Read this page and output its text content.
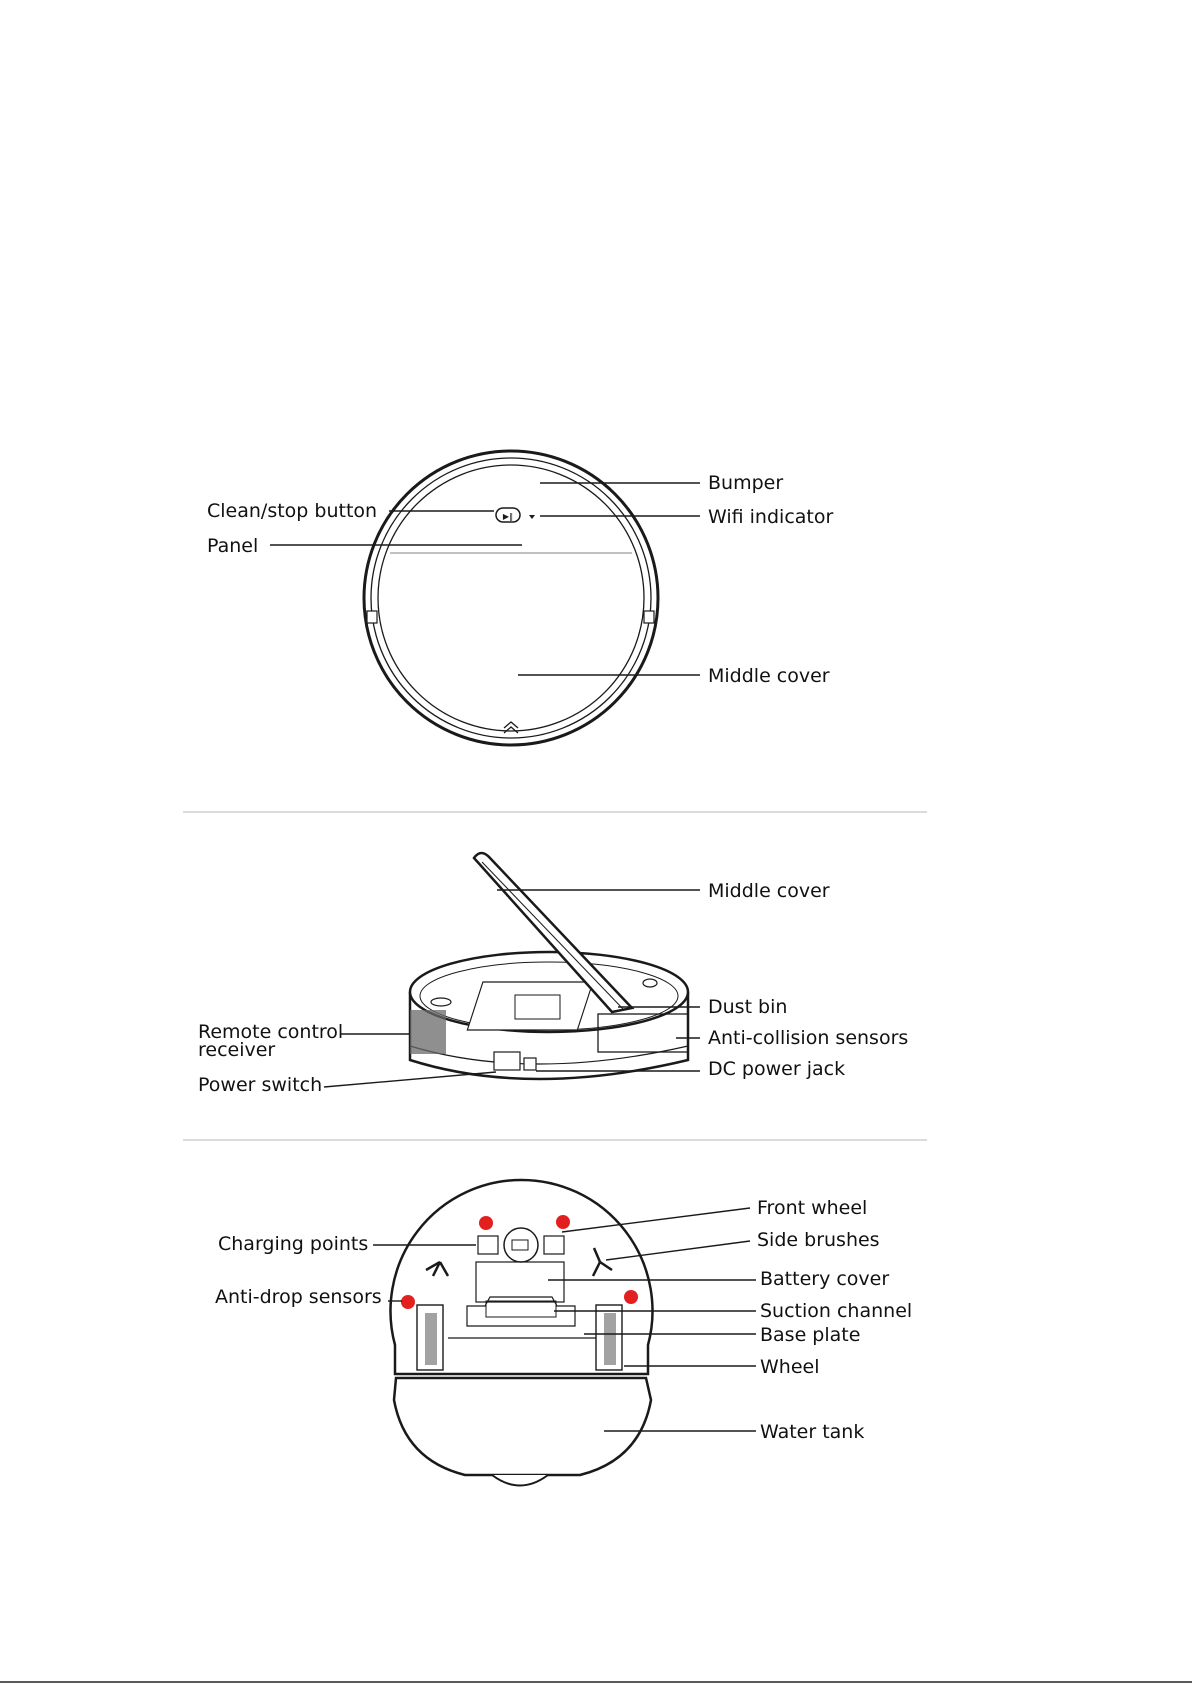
▶‖
Bumper
Wifi indicator
Clean/stop button
Panel
Middle cover
Middle cover
Dust bin
Remote control
receiver
Anti-collision sensors
Power switch
DC power jack
Front wheel
Charging points	Side brushes
Battery cover
Anti-drop sensors
Suction channel
Base plate
Wheel
Water tank
